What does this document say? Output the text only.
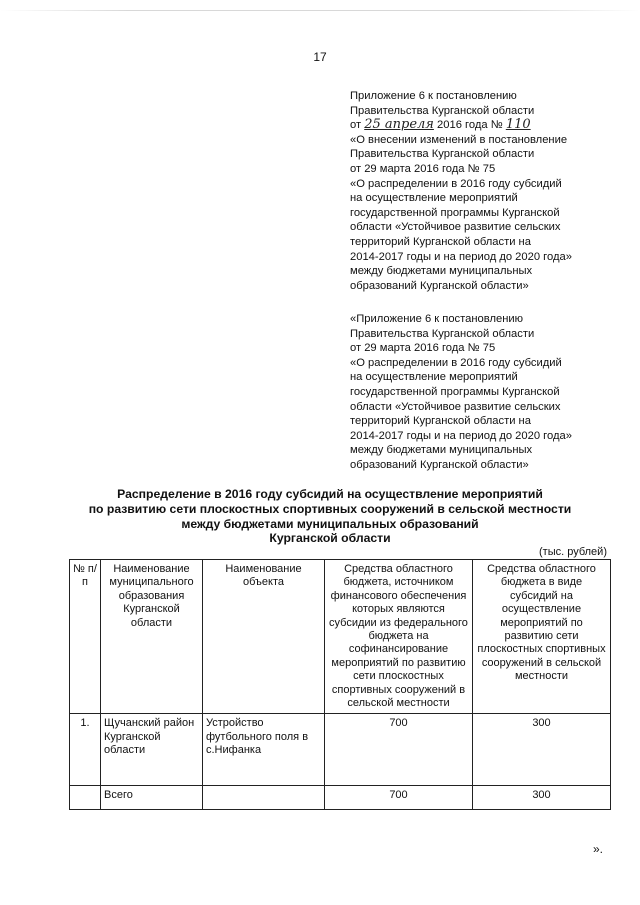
17
Приложение 6 к постановлению
Правительства Курганской области
от 25 апреля 2016 года № 110
«О внесении изменений в постановление
Правительства Курганской области
от 29 марта 2016 года № 75
«О распределении в 2016 году субсидий
на осуществление мероприятий
государственной программы Курганской
области «Устойчивое развитие сельских
территорий Курганской области на
2014-2017 годы и на период до 2020 года»
между бюджетами муниципальных
образований Курганской области»
«Приложение 6 к постановлению
Правительства Курганской области
от 29 марта 2016 года № 75
«О распределении в 2016 году субсидий
на осуществление мероприятий
государственной программы Курганской
области «Устойчивое развитие сельских
территорий Курганской области на
2014-2017 годы и на период до 2020 года»
между бюджетами муниципальных
образований Курганской области»
Распределение в 2016 году субсидий на осуществление мероприятий
по развитию сети плоскостных спортивных сооружений в сельской местности
между бюджетами муниципальных образований
Курганской области
(тыс. рублей)
№ п/п	Наименование муниципального образования Курганской области	Наименование объекта	Средства областного бюджета, источником финансового обеспечения которых являются субсидии из федерального бюджета на софинансирование мероприятий по развитию сети плоскостных спортивных сооружений в сельской местности	Средства областного бюджета в виде субсидий на осуществление мероприятий по развитию сети плоскостных спортивных сооружений в сельской местности
1.	Щучанский район Курганской области	Устройство футбольного поля в с.Нифанка	700	300
	Всего		700	300
».
